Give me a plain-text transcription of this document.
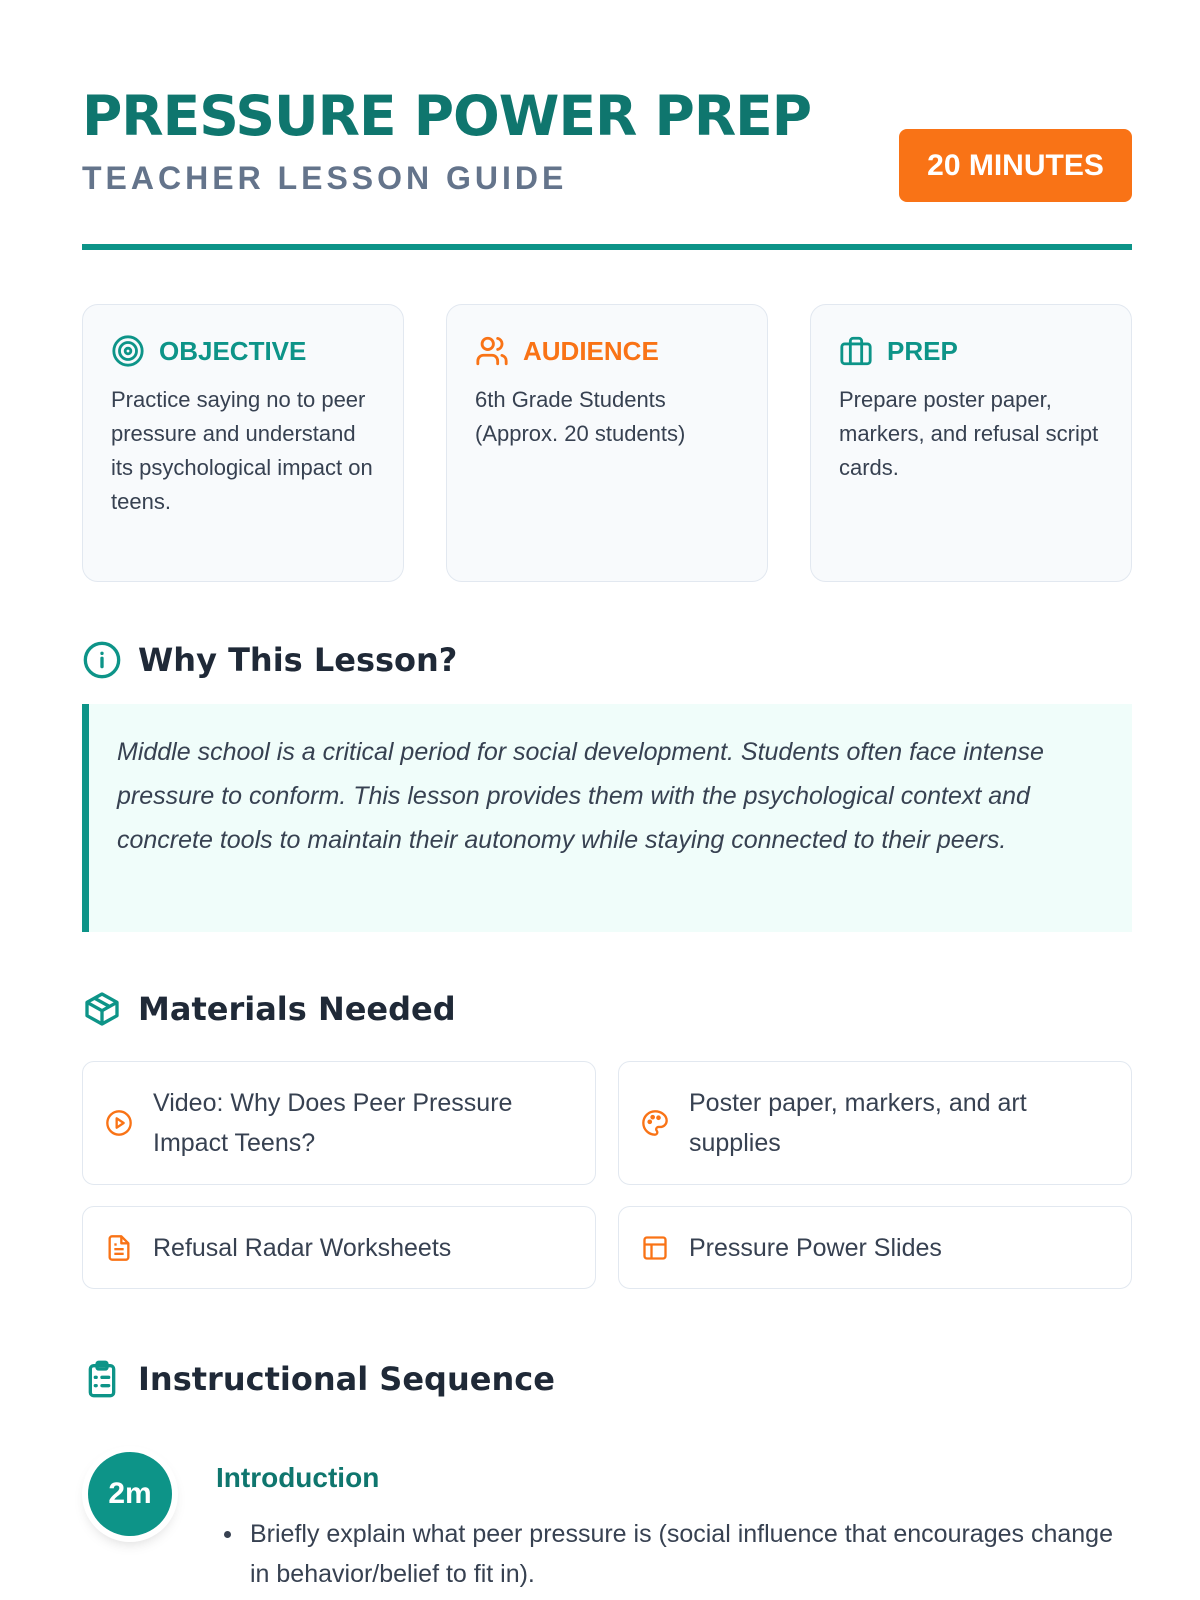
PRESSURE POWER PREP
TEACHER LESSON GUIDE	20 MINUTES
OBJECTIVE
Practice saying no to peer pressure and understand its psychological impact on teens.
AUDIENCE
6th Grade Students (Approx. 20 students)
PREP
Prepare poster paper, markers, and refusal script cards.
Why This Lesson?
Middle school is a critical period for social development. Students often face intense pressure to conform. This lesson provides them with the psychological context and concrete tools to maintain their autonomy while staying connected to their peers.
Materials Needed
Video: Why Does Peer Pressure Impact Teens?
Poster paper, markers, and art supplies
Refusal Radar Worksheets	Pressure Power Slides
Instructional Sequence
2m	Introduction
Briefly explain what peer pressure is (social influence that encourages change in behavior/belief to fit in).
